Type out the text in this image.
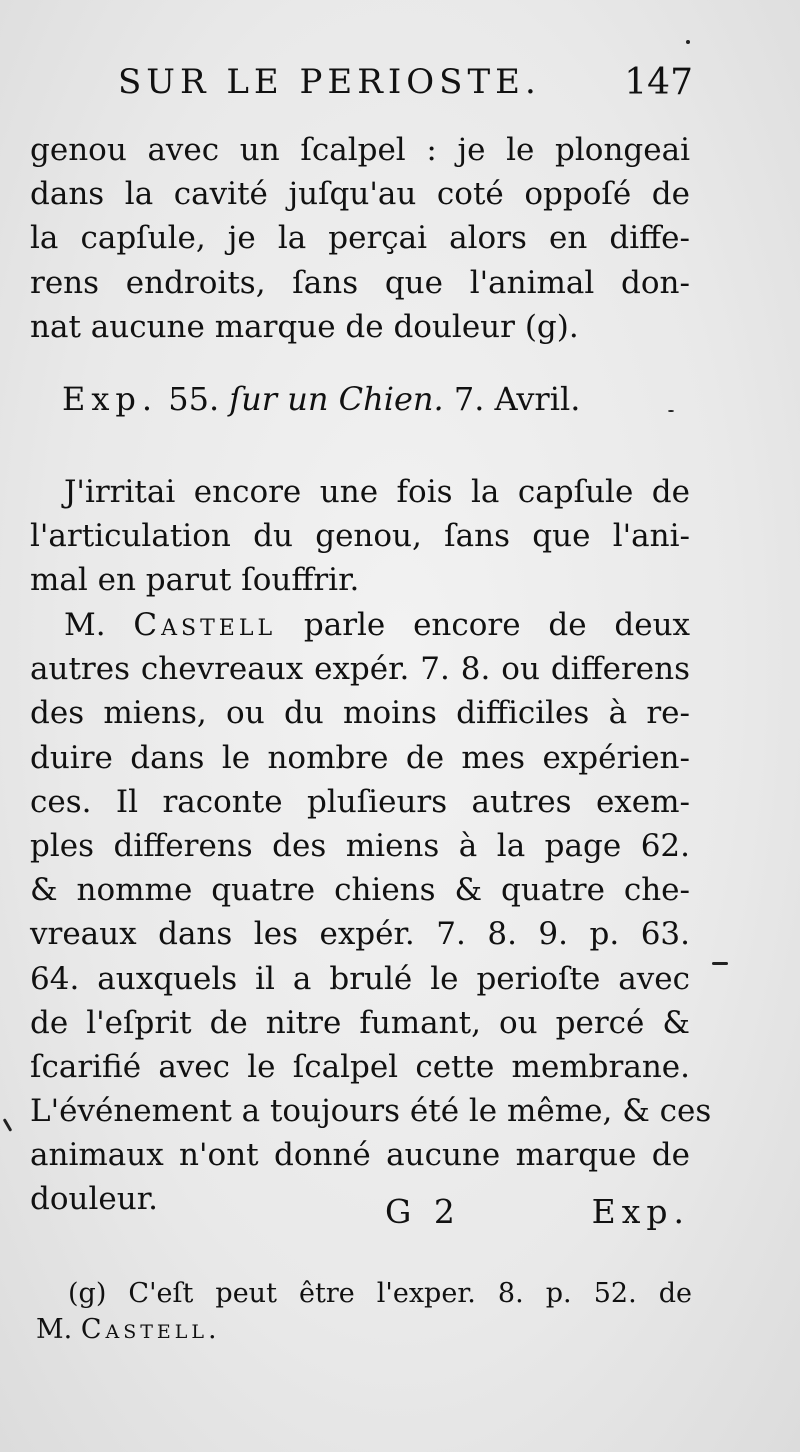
SUR LE PERIOSTE. 147
genou avec un ſcalpel : je le plongeai
dans la cavité juſqu'au coté oppoſé de
la capſule, je la perçai alors en diffe-
rens endroits, ſans que l'animal don-
nat aucune marque de douleur (g).
Exp. 55. ſur un Chien. 7. Avril.
J'irritai encore une fois la capſule de
l'articulation du genou, ſans que l'ani-
mal en parut ſouffrir.
M. Castell parle encore de deux
autres chevreaux expér. 7. 8. ou differens
des miens, ou du moins difficiles à re-
duire dans le nombre de mes expérien-
ces. Il raconte pluſieurs autres exem-
ples differens des miens à la page 62.
& nomme quatre chiens & quatre che-
vreaux dans les expér. 7. 8. 9. p. 63.
64. auxquels il a brulé le perioſte avec
de l'eſprit de nitre fumant, ou percé &
ſcarifié avec le ſcalpel cette membrane.
L'événement a toujours été le même, & ces
animaux n'ont donné aucune marque de
douleur.	G 2	Exp.
(g) C'eſt peut être l'exper. 8. p. 52. de
M. Castell.
